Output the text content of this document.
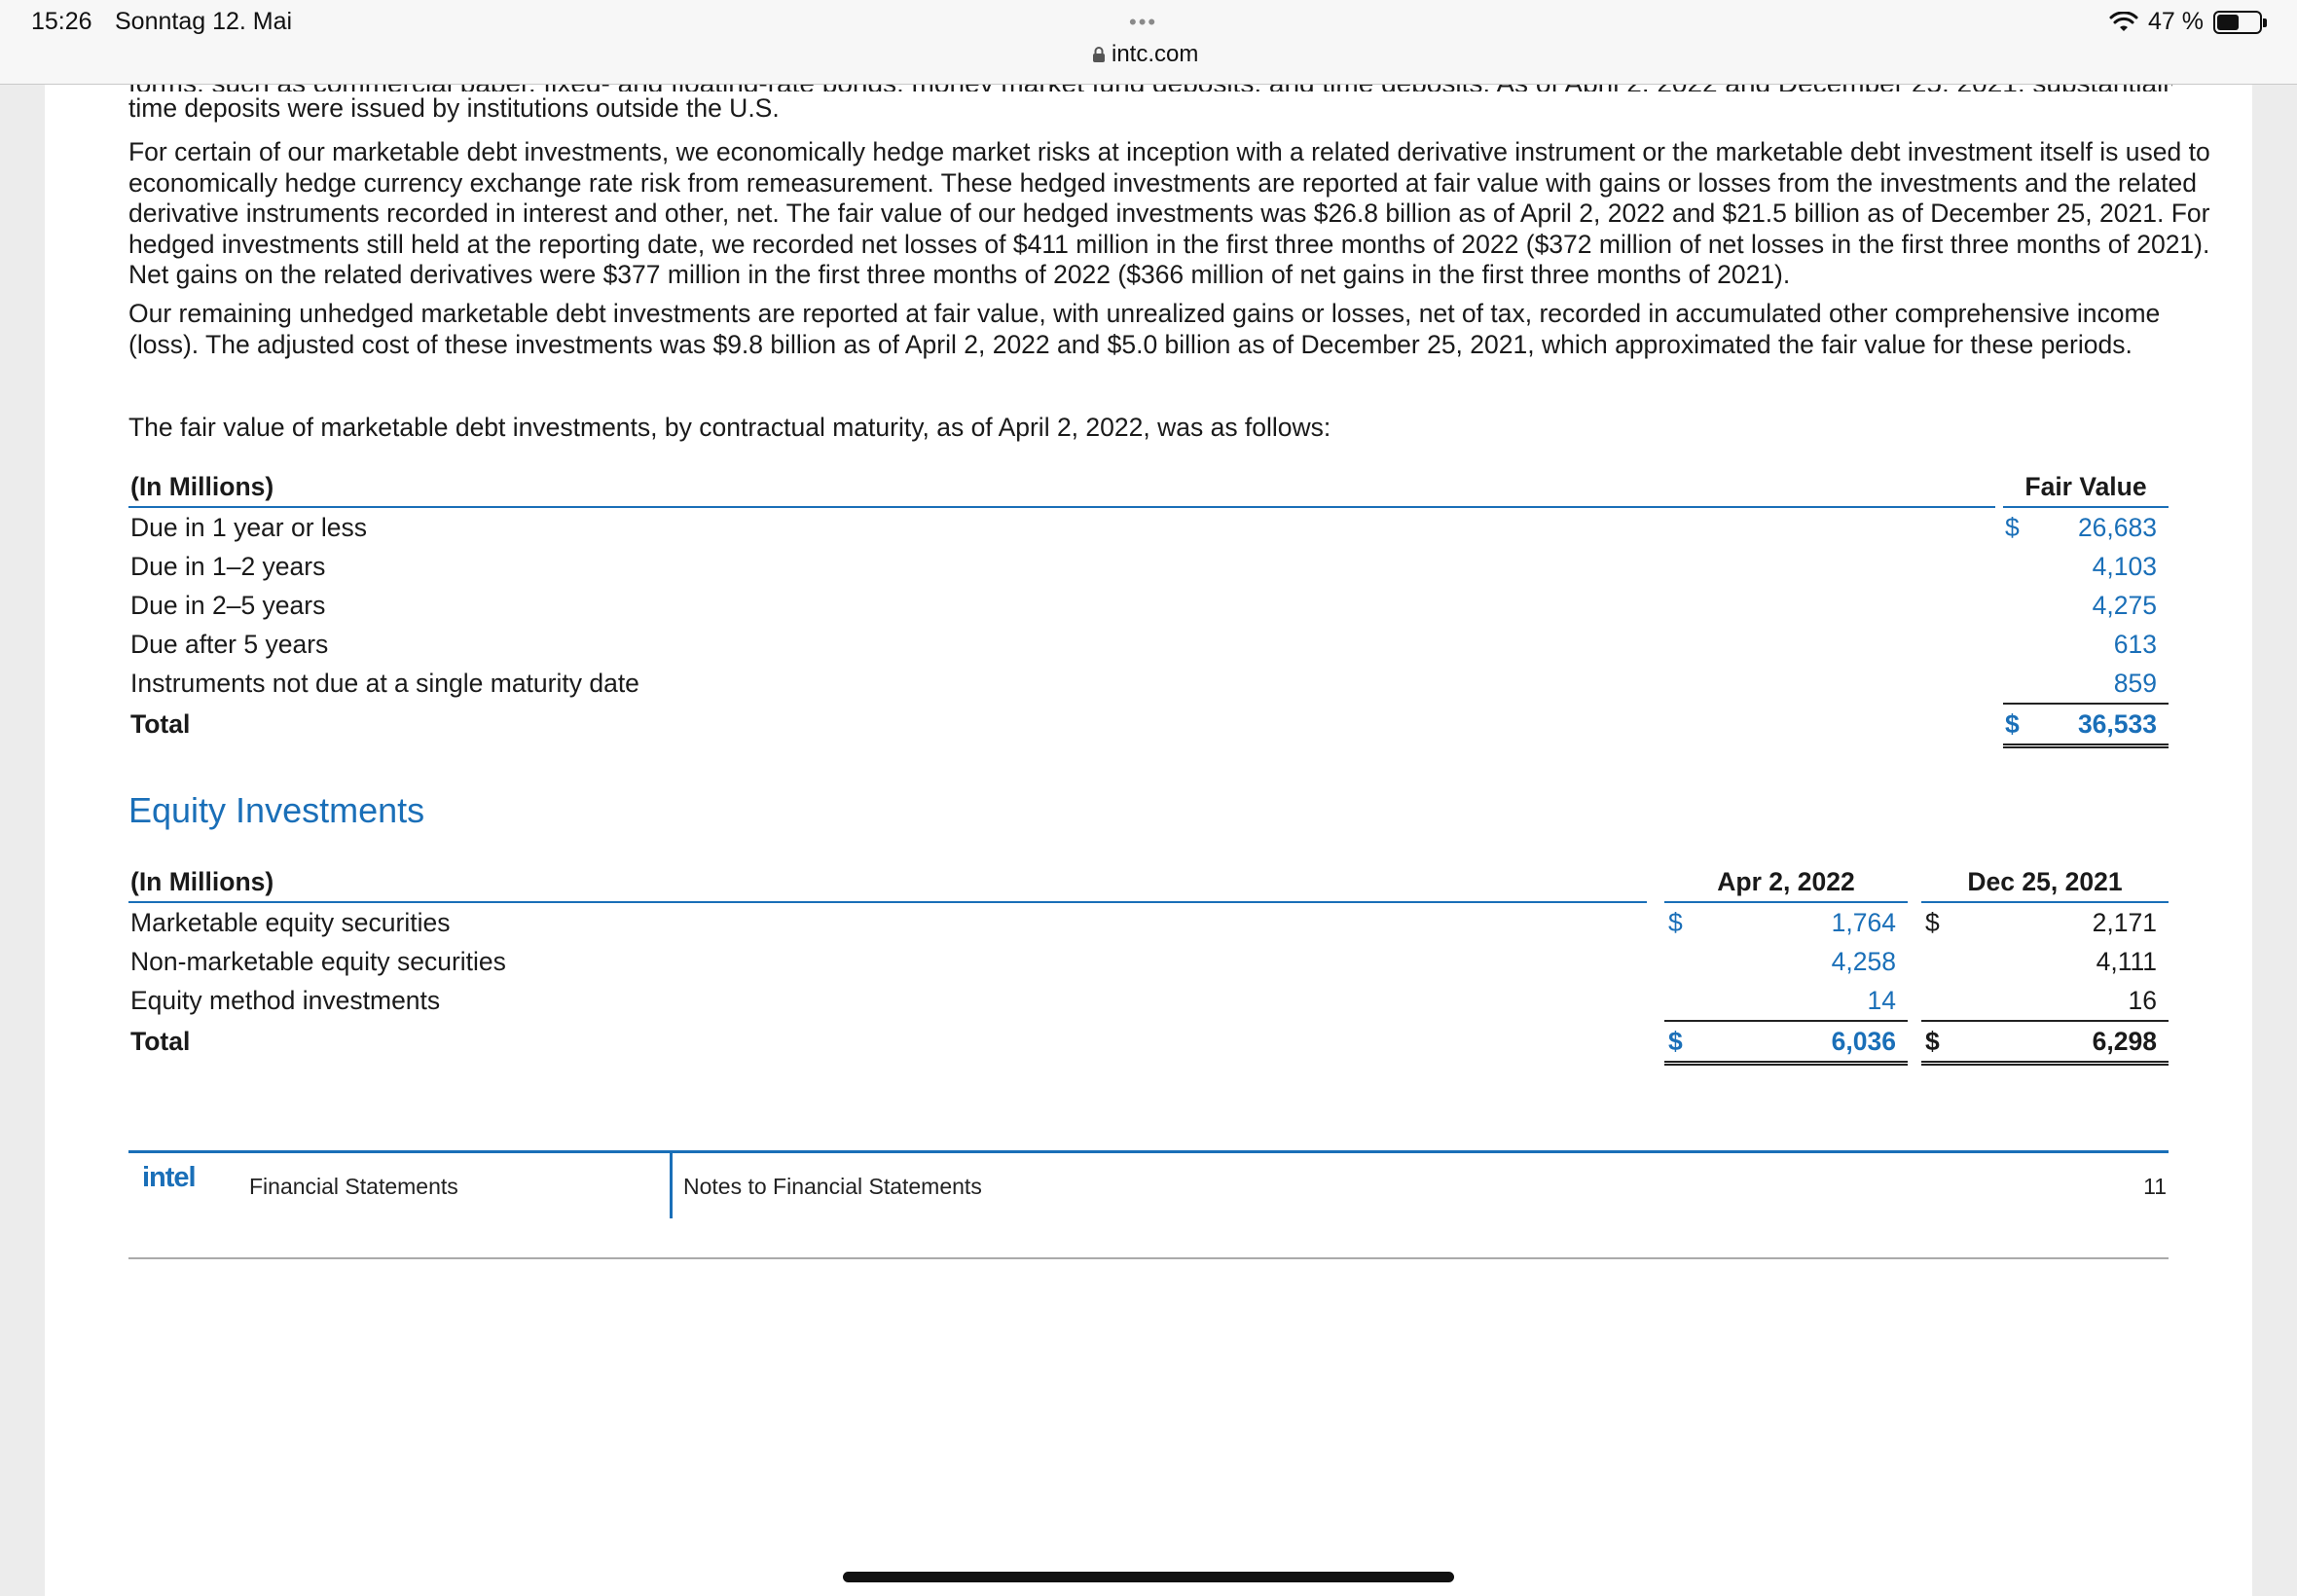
15:26 Sonntag 12. Mai	•••
intc.com
47 %
time deposits were issued by institutions outside the U.S.
For certain of our marketable debt investments, we economically hedge market risks at inception with a related derivative instrument or the marketable debt investment itself is used to economically hedge currency exchange rate risk from remeasurement. These hedged investments are reported at fair value with gains or losses from the investments and the related derivative instruments recorded in interest and other, net. The fair value of our hedged investments was $26.8 billion as of April 2, 2022 and $21.5 billion as of December 25, 2021. For hedged investments still held at the reporting date, we recorded net losses of $411 million in the first three months of 2022 ($372 million of net losses in the first three months of 2021). Net gains on the related derivatives were $377 million in the first three months of 2022 ($366 million of net gains in the first three months of 2021).
Our remaining unhedged marketable debt investments are reported at fair value, with unrealized gains or losses, net of tax, recorded in accumulated other comprehensive income (loss). The adjusted cost of these investments was $9.8 billion as of April 2, 2022 and $5.0 billion as of December 25, 2021, which approximated the fair value for these periods.
The fair value of marketable debt investments, by contractual maturity, as of April 2, 2022, was as follows:
(In Millions)		Fair Value	
Due in 1 year or less		$	26,683
Due in 1–2 years			4,103
Due in 2–5 years			4,275
Due after 5 years			613
Instruments not due at a single maturity date			859
Total		$	36,533
Equity Investments
(In Millions)		Apr 2, 2022			Dec 25, 2021	
Marketable equity securities		$	1,764		$	2,171
Non-marketable equity securities			4,258			4,111
Equity method investments			14			16
Total		$	6,036		$	6,298
intel Financial Statements	Notes to Financial Statements	11
